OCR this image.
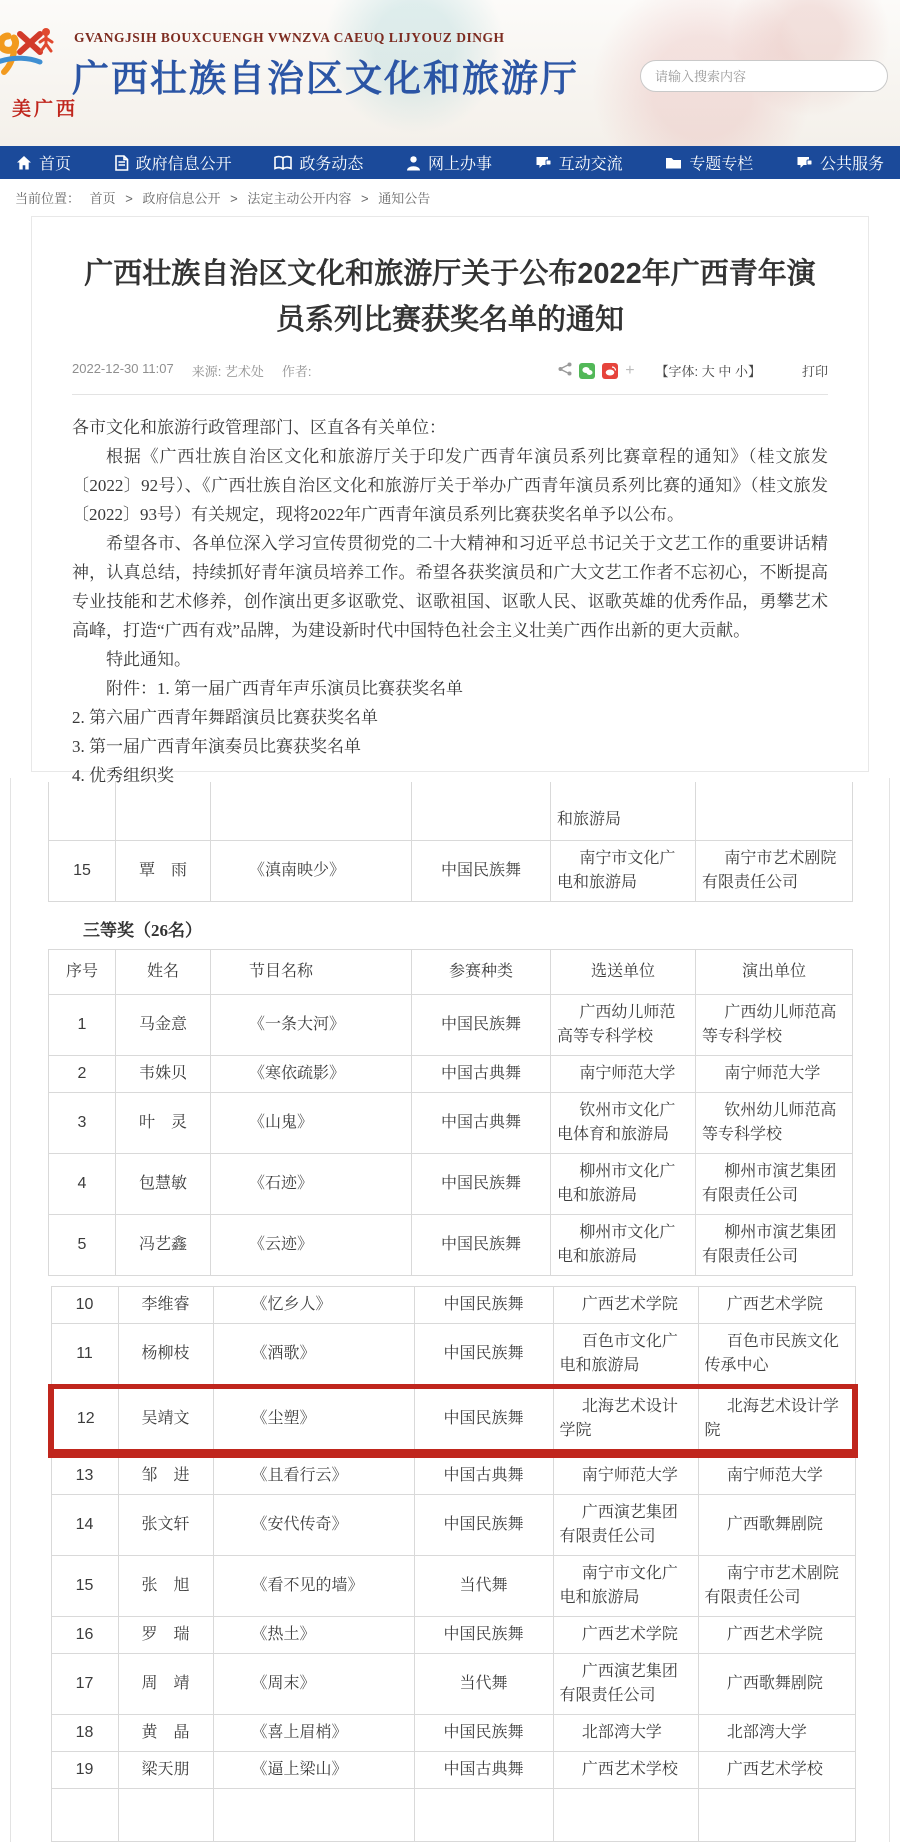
美广西
GVANGJSIH BOUXCUENGH VWNZVA CAEUQ LIJYOUZ DINGH
广西壮族自治区文化和旅游厅
请输入搜索内容
首页	政府信息公开	政务动态	网上办事	互动交流	专题专栏	公共服务
当前位置： 首页 > 政府信息公开 > 法定主动公开内容 > 通知公告
广西壮族自治区文化和旅游厅关于公布2022年广西青年演员系列比赛获奖名单的通知
2022-12-30 11:07 来源: 艺术处 作者:	+ 【字体: 大 中 小】	打印

各市文化和旅游行政管理部门、区直各有关单位：

根据《广西壮族自治区文化和旅游厅关于印发广西青年演员系列比赛章程的通知》（桂文旅发〔2022〕92号）、《广西壮族自治区文化和旅游厅关于举办广西青年演员系列比赛的通知》（桂文旅发〔2022〕93号）有关规定，现将2022年广西青年演员系列比赛获奖名单予以公布。

希望各市、各单位深入学习宣传贯彻党的二十大精神和习近平总书记关于文艺工作的重要讲话精神，认真总结，持续抓好青年演员培养工作。希望各获奖演员和广大文艺工作者不忘初心，不断提高专业技能和艺术修养，创作演出更多讴歌党、讴歌祖国、讴歌人民、讴歌英雄的优秀作品，勇攀艺术高峰，打造“广西有戏”品牌，为建设新时代中国特色社会主义壮美广西作出新的更大贡献。

特此通知。

附件：1. 第一届广西青年声乐演员比赛获奖名单

2. 第六届广西青年舞蹈演员比赛获奖名单

3. 第一届广西青年演奏员比赛获奖名单

4. 优秀组织奖

				和旅游局	
15	覃　雨	《滇南映少》	中国民族舞	南宁市文化广电和旅游局	南宁市艺术剧院有限责任公司
三等奖（26名）
序号	姓名	节目名称	参赛种类	选送单位	演出单位
1	马金意	《一条大河》	中国民族舞	广西幼儿师范高等专科学校	广西幼儿师范高等专科学校
2	韦姝贝	《寒依疏影》	中国古典舞	南宁师范大学	南宁师范大学
3	叶　灵	《山鬼》	中国古典舞	钦州市文化广电体育和旅游局	钦州幼儿师范高等专科学校
4	包慧敏	《石迹》	中国民族舞	柳州市文化广电和旅游局	柳州市演艺集团有限责任公司
5	冯艺鑫	《云迹》	中国民族舞	柳州市文化广电和旅游局	柳州市演艺集团有限责任公司
10	李维睿	《忆乡人》	中国民族舞	广西艺术学院	广西艺术学院
11	杨柳枝	《酒歌》	中国民族舞	百色市文化广电和旅游局	百色市民族文化传承中心
12	吴靖文	《尘塑》	中国民族舞	北海艺术设计学院	北海艺术设计学院
13	邹　进	《且看行云》	中国古典舞	南宁师范大学	南宁师范大学
14	张文轩	《安代传奇》	中国民族舞	广西演艺集团有限责任公司	广西歌舞剧院
15	张　旭	《看不见的墙》	当代舞	南宁市文化广电和旅游局	南宁市艺术剧院有限责任公司
16	罗　瑞	《热土》	中国民族舞	广西艺术学院	广西艺术学院
17	周　靖	《周末》	当代舞	广西演艺集团有限责任公司	广西歌舞剧院
18	黄　晶	《喜上眉梢》	中国民族舞	北部湾大学	北部湾大学
19	梁天朋	《逼上梁山》	中国古典舞	广西艺术学校	广西艺术学校
